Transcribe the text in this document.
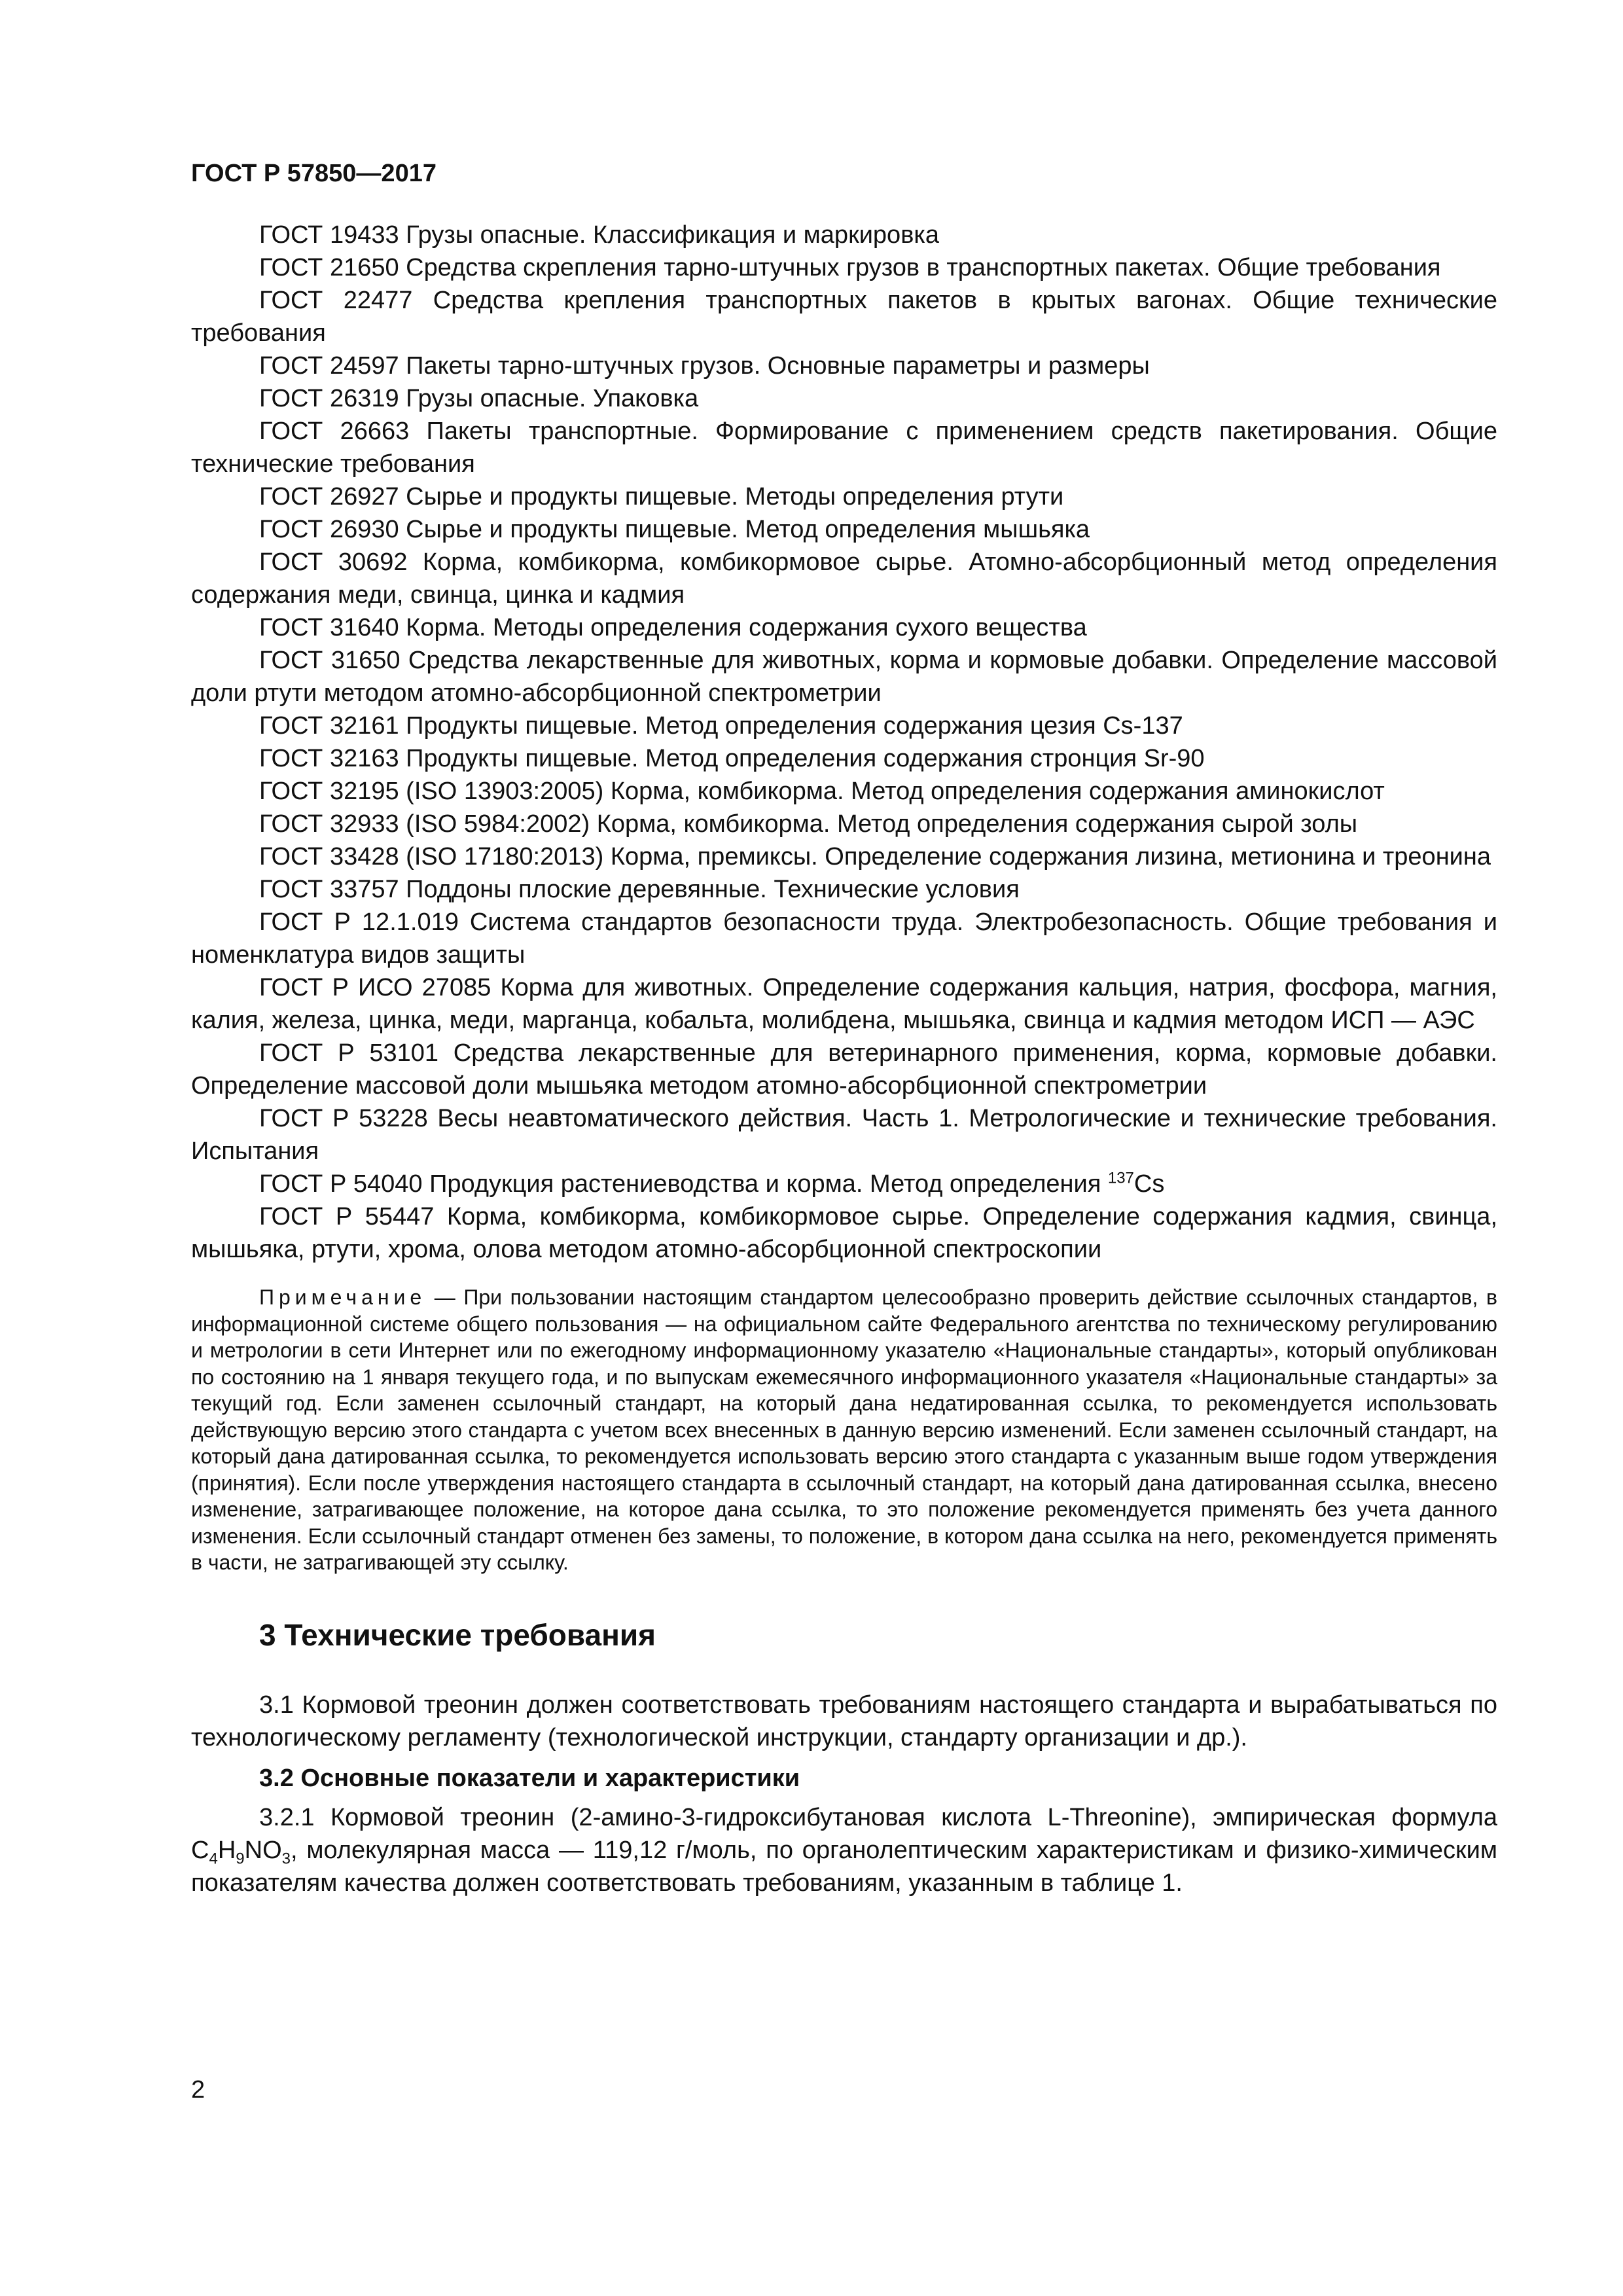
ГОСТ Р 57850—2017

ГОСТ 19433 Грузы опасные. Классификация и маркировка

ГОСТ 21650 Средства скрепления тарно-штучных грузов в транспортных пакетах. Общие требования

ГОСТ 22477 Средства крепления транспортных пакетов в крытых вагонах. Общие технические требования

ГОСТ 24597 Пакеты тарно-штучных грузов. Основные параметры и размеры

ГОСТ 26319 Грузы опасные. Упаковка

ГОСТ 26663 Пакеты транспортные. Формирование с применением средств пакетирования. Общие технические требования

ГОСТ 26927 Сырье и продукты пищевые. Методы определения ртути

ГОСТ 26930 Сырье и продукты пищевые. Метод определения мышьяка

ГОСТ 30692 Корма, комбикорма, комбикормовое сырье. Атомно-абсорбционный метод определения содержания меди, свинца, цинка и кадмия

ГОСТ 31640 Корма. Методы определения содержания сухого вещества

ГОСТ 31650 Средства лекарственные для животных, корма и кормовые добавки. Определение массовой доли ртути методом атомно-абсорбционной спектрометрии

ГОСТ 32161 Продукты пищевые. Метод определения содержания цезия Cs-137

ГОСТ 32163 Продукты пищевые. Метод определения содержания стронция Sr-90

ГОСТ 32195 (ISO 13903:2005) Корма, комбикорма. Метод определения содержания аминокислот

ГОСТ 32933 (ISO 5984:2002) Корма, комбикорма. Метод определения содержания сырой золы

ГОСТ 33428 (ISO 17180:2013) Корма, премиксы. Определение содержания лизина, метионина и треонина

ГОСТ 33757 Поддоны плоские деревянные. Технические условия

ГОСТ Р 12.1.019 Система стандартов безопасности труда. Электробезопасность. Общие требования и номенклатура видов защиты

ГОСТ Р ИСО 27085 Корма для животных. Определение содержания кальция, натрия, фосфора, магния, калия, железа, цинка, меди, марганца, кобальта, молибдена, мышьяка, свинца и кадмия методом ИСП — АЭС

ГОСТ Р 53101 Средства лекарственные для ветеринарного применения, корма, кормовые добавки. Определение массовой доли мышьяка методом атомно-абсорбционной спектрометрии

ГОСТ Р 53228 Весы неавтоматического действия. Часть 1. Метрологические и технические требования. Испытания

ГОСТ Р 54040 Продукция растениеводства и корма. Метод определения $^{137}$Cs

ГОСТ Р 55447 Корма, комбикорма, комбикормовое сырье. Определение содержания кадмия, свинца, мышьяка, ртути, хрома, олова методом атомно-абсорбционной спектроскопии

Примечание — При пользовании настоящим стандартом целесообразно проверить действие ссылочных стандартов, в информационной системе общего пользования — на официальном сайте Федерального агентства по техническому регулированию и метрологии в сети Интернет или по ежегодному информационному указателю «Национальные стандарты», который опубликован по состоянию на 1 января текущего года, и по выпускам ежемесячного информационного указателя «Национальные стандарты» за текущий год. Если заменен ссылочный стандарт, на который дана недатированная ссылка, то рекомендуется использовать действующую версию этого стандарта с учетом всех внесенных в данную версию изменений. Если заменен ссылочный стандарт, на который дана датированная ссылка, то рекомендуется использовать версию этого стандарта с указанным выше годом утверждения (принятия). Если после утверждения настоящего стандарта в ссылочный стандарт, на который дана датированная ссылка, внесено изменение, затрагивающее положение, на которое дана ссылка, то это положение рекомендуется применять без учета данного изменения. Если ссылочный стандарт отменен без замены, то положение, в котором дана ссылка на него, рекомендуется применять в части, не затрагивающей эту ссылку.
3 Технические требования

3.1 Кормовой треонин должен соответствовать требованиям настоящего стандарта и вырабатываться по технологическому регламенту (технологической инструкции, стандарту организации и др.).

3.2 Основные показатели и характеристики

3.2.1 Кормовой треонин (2-амино-3-гидроксибутановая кислота L-Threonine), эмпирическая формула $С_4H_9NO_3$, молекулярная масса — 119,12 г/моль, по органолептическим характеристикам и физико-химическим показателям качества должен соответствовать требованиям, указанным в таблице 1.

2
